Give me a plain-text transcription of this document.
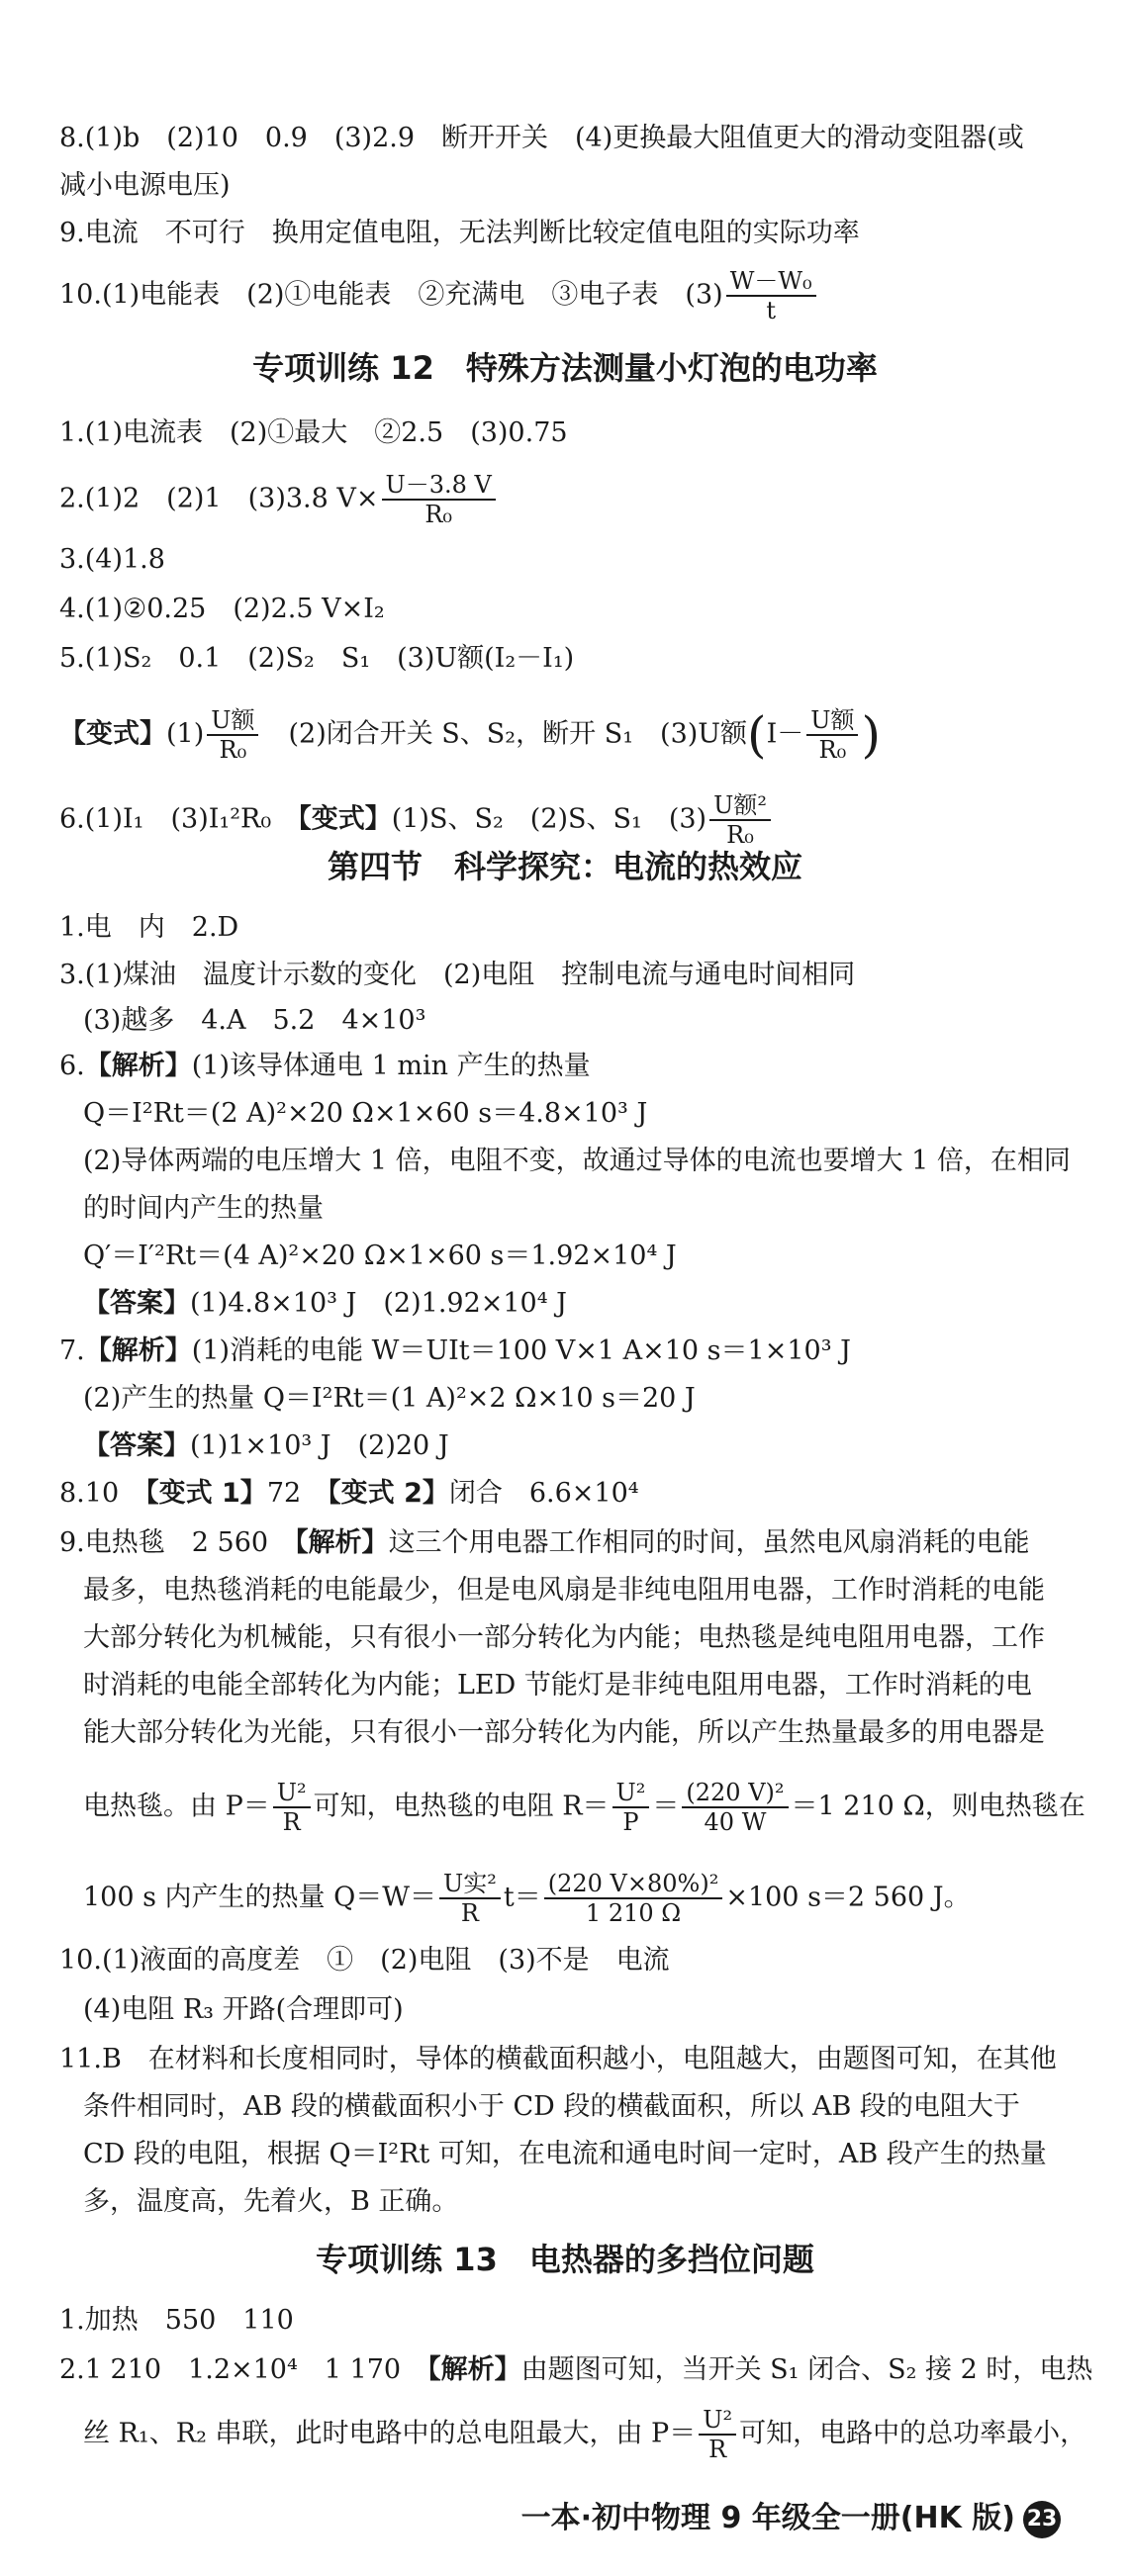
8.(1)b　(2)10　0.9　(3)2.9　断开开关　(4)更换最大阻值更大的滑动变阻器(或
减小电源电压)
9.电流　不可行　换用定值电阻，无法判断比较定值电阻的实际功率
10.(1)电能表　(2)①电能表　②充满电　③电子表　$(3) \frac{\text{W－W₀}}{t}$
专项训练 12　特殊方法测量小灯泡的电功率
1.(1)电流表　(2)①最大　②2.5　(3)0.75
2.(1)2　(2)1　(3)3.8 $V\times \frac{U-3.8 V}{\text{R₀}}$
3.(4)1.8
4.(1)②0.25　(2)2.5 V×I₂
5.(1)S₂　0.1　(2)S₂　S₁　(3)U额(I₂－I₁)
【变式】$(1) \frac{\text{U额}}{\text{R₀}}$ 　(2)闭合开关 S、S₂，断开 S₁　(3)U额($I- \frac{\text{U额}}{\text{R₀}}$ )
6.(1)I₁　(3)I₁²R₀　【变式】(1)S、S₂　(2)S、S₁　$(3) \frac{\text{U额²}}{\text{R₀}}$
第四节　科学探究：电流的热效应
1.电　内　2.D
3.(1)煤油　温度计示数的变化　(2)电阻　控制电流与通电时间相同
(3)越多　4.A　5.2　4×10³
6.【解析】(1)该导体通电 1 min 产生的热量
Q＝I²Rt＝(2 A)²×20 Ω×1×60 s＝4.8×10³ J
(2)导体两端的电压增大 1 倍，电阻不变，故通过导体的电流也要增大 1 倍，在相同
的时间内产生的热量
Q′＝I′²Rt＝(4 A)²×20 Ω×1×60 s＝1.92×10⁴ J
【答案】(1)4.8×10³ J　(2)1.92×10⁴ J
7.【解析】(1)消耗的电能 W＝UIt＝100 V×1 A×10 s＝1×10³ J
(2)产生的热量 Q＝I²Rt＝(1 A)²×2 Ω×10 s＝20 J
【答案】(1)1×10³ J　(2)20 J
8.10　【变式 1】72　【变式 2】闭合　6.6×10⁴
9.电热毯　2 560　【解析】这三个用电器工作相同的时间，虽然电风扇消耗的电能
最多，电热毯消耗的电能最少，但是电风扇是非纯电阻用电器，工作时消耗的电能
大部分转化为机械能，只有很小一部分转化为内能；电热毯是纯电阻用电器，工作
时消耗的电能全部转化为内能；LED 节能灯是非纯电阻用电器，工作时消耗的电
能大部分转化为光能，只有很小一部分转化为内能，所以产生热量最多的用电器是
电热毯。由 $P= \frac{\text{U²}}{R}$ 可知，电热毯的电阻 $R= \frac{\text{U²}}{P} = \frac{\text{(220 V)²}}{40 W} =1$ 210 Ω，则电热毯在
100 s 内产生的热量 $Q=W= \frac{\text{U实²}}{R} t= \frac{\text{(220 V×80\%)²}}{1 210 \Omega} \times 100$ s＝2 560 J。
10.(1)液面的高度差　①　(2)电阻　(3)不是　电流
(4)电阻 R₃ 开路(合理即可)
11.B　在材料和长度相同时，导体的横截面积越小，电阻越大，由题图可知，在其他
条件相同时，AB 段的横截面积小于 CD 段的横截面积，所以 AB 段的电阻大于
CD 段的电阻，根据 Q＝I²Rt 可知，在电流和通电时间一定时，AB 段产生的热量
多，温度高，先着火，B 正确。
专项训练 13　电热器的多挡位问题
1.加热　550　110
2.1 210　1.2×10⁴　1 170　【解析】由题图可知，当开关 S₁ 闭合、S₂ 接 2 时，电热
丝 R₁、R₂ 串联，此时电路中的总电阻最大，由 $P= \frac{\text{U²}}{R}$ 可知，电路中的总功率最小，
一本·初中物理 9 年级全一册(HK 版) 23
